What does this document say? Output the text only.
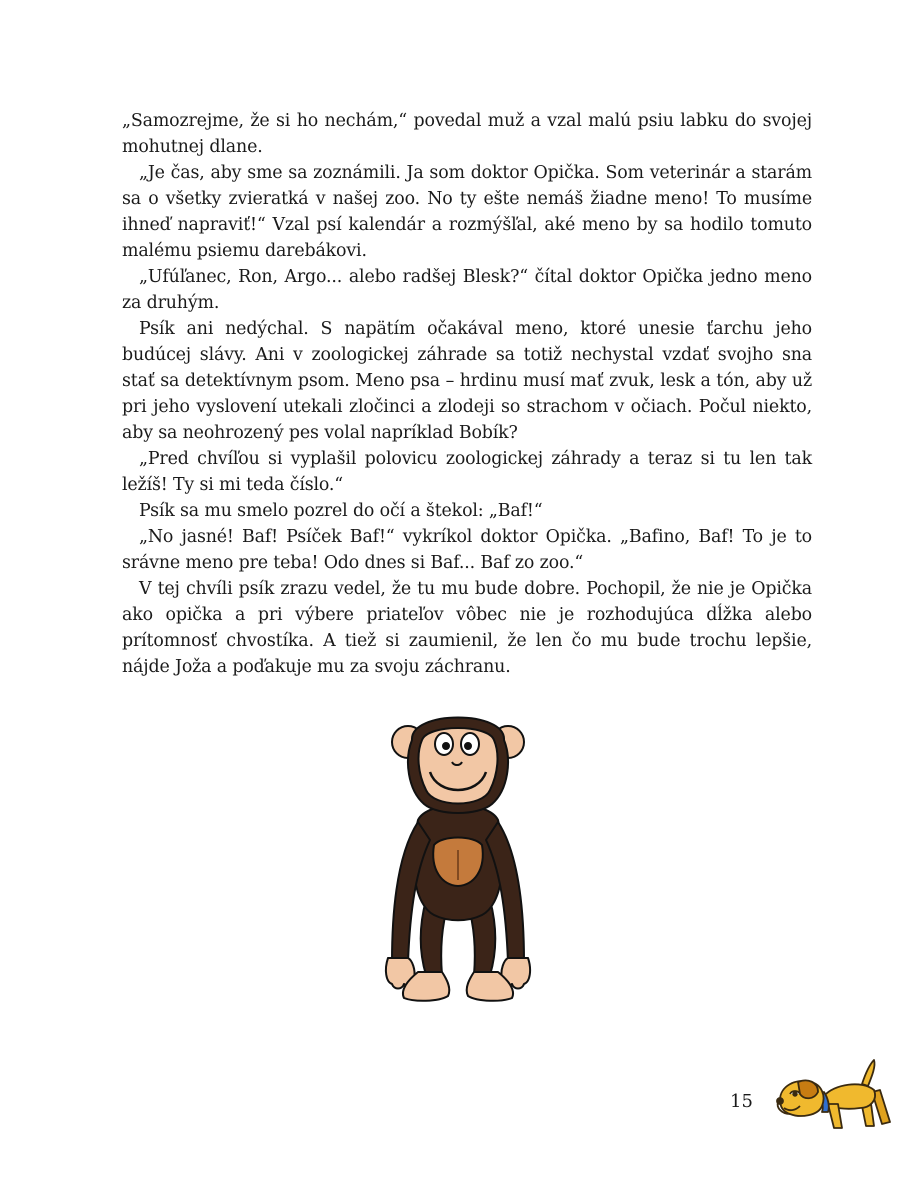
„Samozrejme, že si ho nechám,“ povedal muž a vzal malú psiu labku do svojej mohutnej dlane.

„Je čas, aby sme sa zoznámili. Ja som doktor Opička. Som veterinár a starám sa o všetky zvieratká v našej zoo. No ty ešte nemáš žiadne meno! To musíme ihneď napraviť!“ Vzal psí kalendár a rozmýšľal, aké meno by sa hodilo tomuto malému psiemu darebákovi.

„Ufúľanec, Ron, Argo... alebo radšej Blesk?“ čítal doktor Opička jedno meno za druhým.

Psík ani nedýchal. S napätím očakával meno, ktoré unesie ťarchu jeho budúcej slávy. Ani v zoologickej záhrade sa totiž nechystal vzdať svojho sna stať sa detektívnym psom. Meno psa – hrdinu musí mať zvuk, lesk a tón, aby už pri jeho vyslovení utekali zločinci a zlodeji so strachom v očiach. Počul niekto, aby sa neohrozený pes volal napríklad Bobík?

„Pred chvíľou si vyplašil polovicu zoologickej záhrady a teraz si tu len tak ležíš! Ty si mi teda číslo.“

Psík sa mu smelo pozrel do očí a štekol: „Baf!“

„No jasné! Baf! Psíček Baf!“ vykríkol doktor Opička. „Bafino, Baf! To je to srávne meno pre teba! Odo dnes si Baf... Baf zo zoo.“

V tej chvíli psík zrazu vedel, že tu mu bude dobre. Pochopil, že nie je Opička ako opička a pri výbere priateľov vôbec nie je rozhodujúca dĺžka alebo prítomnosť chvostíka. A tiež si zaumienil, že len čo mu bude trochu lepšie, nájde Joža a poďakuje mu za svoju záchranu.

15
